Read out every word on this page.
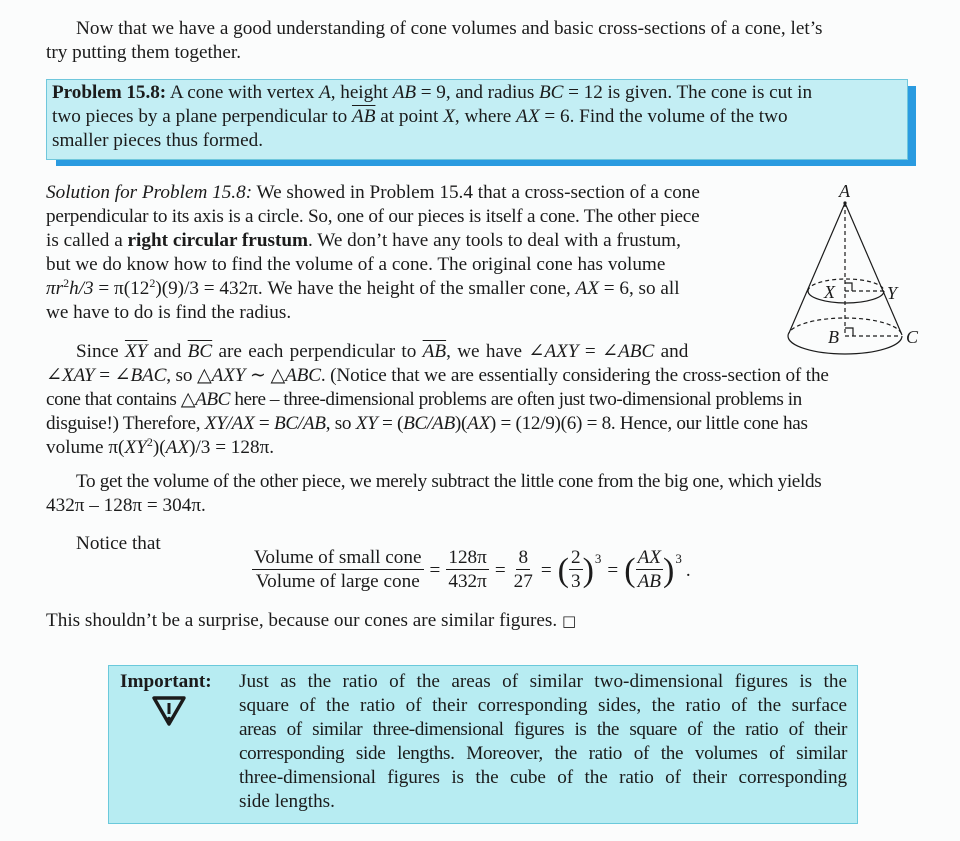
Now that we have a good understanding of cone volumes and basic cross-sections of a cone, let’s
try putting them together.
Problem 15.8: A cone with vertex A, height AB = 9, and radius BC = 12 is given. The cone is cut in
two pieces by a plane perpendicular to $\overline{AB}$ at point X, where AX = 6. Find the volume of the two
smaller pieces thus formed.
Solution for Problem 15.8: We showed in Problem 15.4 that a cross-section of a cone
perpendicular to its axis is a circle. So, one of our pieces is itself a cone. The other piece
is called a right circular frustum. We don’t have any tools to deal with a frustum,
but we do know how to find the volume of a cone. The original cone has volume
$\pi r^2h/3 = \pi(12^2)(9)/3 = 432\pi$. We have the height of the smaller cone, AX = 6, so all
we have to do is find the radius.
A
X	Y
B	C
Since $\overline{XY}$ and $\overline{BC}$ are each perpendicular to $\overline{AB}$, we have ∠AXY = ∠ABC and
∠XAY = ∠BAC, so △AXY ∼ △ABC. (Notice that we are essentially considering the cross-section of the
cone that contains △ABC here – three-dimensional problems are often just two-dimensional problems in
disguise!) Therefore, XY/AX = BC/AB, so XY = (BC/AB)(AX) = (12/9)(6) = 8. Hence, our little cone has
volume $\pi(XY^2)(AX)/3 = 128\pi$.
To get the volume of the other piece, we merely subtract the little cone from the big one, which yields
432π – 128π = 304π.
Notice that
$\frac{\text{Volume of small cone}}{\text{Volume of large cone}} = \frac{128\pi}{432\pi} = \frac{8}{27}$ = ( $\frac{2}{3}$ ) 3
= ( $\frac{AX}{AB}$ ) 3
.
This shouldn’t be a surprise, because our cones are similar figures. □
Important: Just as the ratio of the areas of similar two-dimensional figures is the
square of the ratio of their corresponding sides, the ratio of the surface
areas of similar three-dimensional figures is the square of the ratio of their
corresponding side lengths. Moreover, the ratio of the volumes of similar
three-dimensional figures is the cube of the ratio of their corresponding
side lengths.
